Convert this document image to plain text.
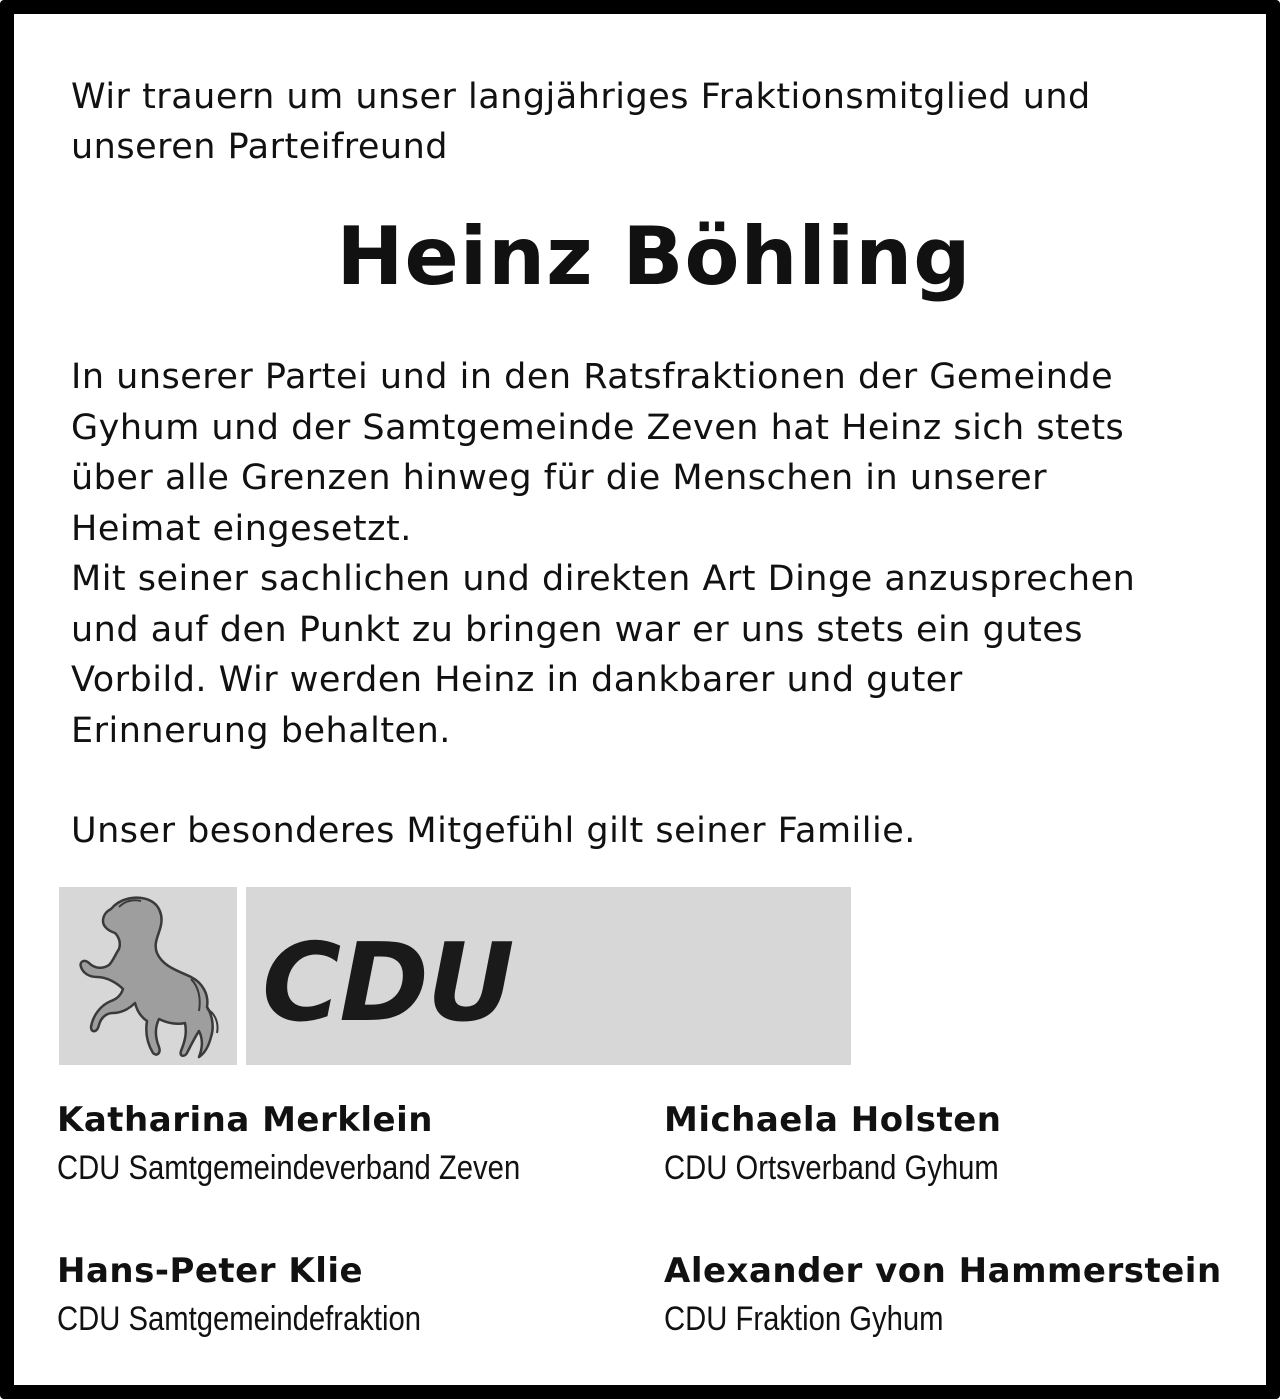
Wir trauern um unser langjähriges Fraktionsmitglied und
unseren Parteifreund

Heinz Böhling

In unserer Partei und in den Ratsfraktionen der Gemeinde
Gyhum und der Samtgemeinde Zeven hat Heinz sich stets
über alle Grenzen hinweg für die Menschen in unserer
Heimat eingesetzt.
Mit seiner sachlichen und direkten Art Dinge anzusprechen
und auf den Punkt zu bringen war er uns stets ein gutes
Vorbild. Wir werden Heinz in dankbarer und guter
Erinnerung behalten.

Unser besonderes Mitgefühl gilt seiner Familie.

CDU
Katharina Merklein
CDU Samtgemeindeverband Zeven
Michaela Holsten
CDU Ortsverband Gyhum
Hans-Peter Klie
CDU Samtgemeindefraktion
Alexander von Hammerstein
CDU Fraktion Gyhum
